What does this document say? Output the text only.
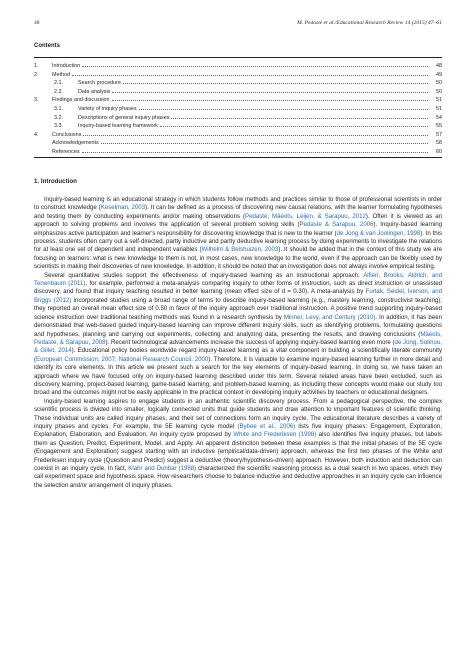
48	M. Pedaste et al./Educational Research Review 14 (2015) 47–61
Contents
1.	Introduction	48
2.	Method	49
2.1.	Search procedure	50
2.2.	Data analysis	50
3.	Findings and discussion	51
3.1.	Variety of inquiry phases	51
3.2.	Descriptions of general inquiry phases	54
3.3.	Inquiry-based learning framework	55
4.	Conclusions	57
Acknowledgements	58
References	60
1. Introduction

Inquiry-based learning is an educational strategy in which students follow methods and practices similar to those of professional scientists in order to construct knowledge (Keselman, 2003). It can be defined as a process of discovering new causal relations, with the learner formulating hypotheses and testing them by conducting experiments and/or making observations (Pedaste, Mäeots, Leijen, & Sarapuu, 2012). Often it is viewed as an approach to solving problems and involves the application of several problem solving skills (Pedaste & Sarapuu, 2006). Inquiry-based learning emphasizes active participation and learner's responsibility for discovering knowledge that is new to the learner (de Jong & van Joolingen, 1998). In this process, students often carry out a self-directed, partly inductive and partly deductive learning process by doing experiments to investigate the relations for at least one set of dependent and independent variables (Wilhelm & Beishuizen, 2003). It should be added that in the context of this study we are focusing on learners: what is new knowledge to them is not, in most cases, new knowledge to the world, even if the approach can be flexibly used by scientists in making their discoveries of new knowledge. In addition, it should be noted that an investigation does not always involve empirical testing.

Several quantitative studies support the effectiveness of inquiry-based learning as an instructional approach. Alfieri, Brooks, Aldrich, and Tenenbaum (2011), for example, performed a meta-analysis comparing inquiry to other forms of instruction, such as direct instruction or unassisted discovery, and found that inquiry teaching resulted in better learning (mean effect size of d = 0.30). A meta-analysis by Furtak, Seidel, Iverson, and Briggs (2012) incorporated studies using a broad range of terms to describe inquiry-based learning (e.g., mastery learning, constructivist teaching); they reported an overall mean effect size of 0.50 in favor of the inquiry approach over traditional instruction. A positive trend supporting inquiry-based science instruction over traditional teaching methods was found in a research synthesis by Minner, Levy, and Century (2010). In addition, it has been demonstrated that web-based guided inquiry-based learning can improve different inquiry skills, such as identifying problems, formulating questions and hypotheses, planning and carrying out experiments, collecting and analyzing data, presenting the results, and drawing conclusions (Mäeots, Pedaste, & Sarapuu, 2008). Recent technological advancements increase the success of applying inquiry-based learning even more (de Jong, Sotiriou, & Gillet, 2014). Educational policy bodies worldwide regard inquiry-based learning as a vital component in building a scientifically literate community (European Commission, 2007; National Research Council, 2000). Therefore, it is valuable to examine inquiry-based learning further in more detail and identify its core elements. In this article we present such a search for the key elements of inquiry-based learning. In doing so, we have taken an approach where we have focused only on inquiry-based learning described under this term. Several related areas have been excluded, such as discovery learning, project-based learning, game-based learning, and problem-based learning, as including these concepts would make our study too broad and the outcomes might not be easily applicable in the practical context in developing inquiry activities by teachers or educational designers.

Inquiry-based learning aspires to engage students in an authentic scientific discovery process. From a pedagogical perspective, the complex scientific process is divided into smaller, logically connected units that guide students and draw attention to important features of scientific thinking. These individual units are called inquiry phases, and their set of connections form an inquiry cycle. The educational literature describes a variety of inquiry phases and cycles. For example, the 5E learning cycle model (Bybee et al., 2006) lists five inquiry phases: Engagement, Exploration, Explanation, Elaboration, and Evaluation. An inquiry cycle proposed by White and Frederiksen (1998) also identifies five inquiry phases, but labels them as Question, Predict, Experiment, Model, and Apply. An apparent distinction between these examples is that the initial phases of the 5E cycle (Engagement and Exploration) suggest starting with an inductive (empirical/data-driven) approach, whereas the first two phases of the White and Frederiksen inquiry cycle (Question and Predict) suggest a deductive (theory/hypothesis-driven) approach. However, both induction and deduction can coexist in an inquiry cycle. In fact, Klahr and Dunbar (1988) characterized the scientific reasoning process as a dual search in two spaces, which they call experiment space and hypothesis space. How researchers choose to balance inductive and deductive approaches in an inquiry cycle can influence the selection and/or arrangement of inquiry phases.
